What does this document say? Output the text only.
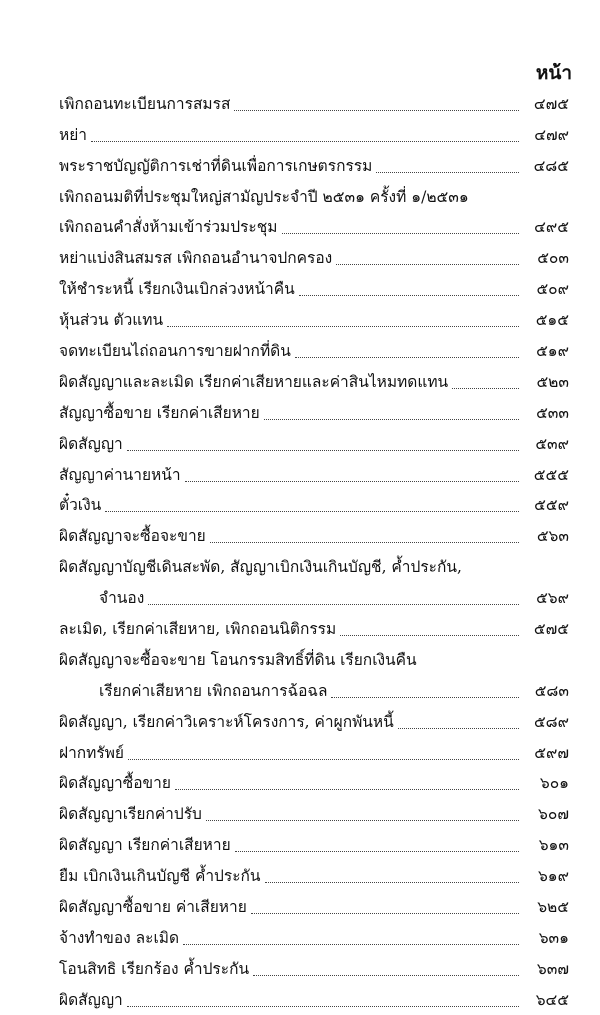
หน้า
เพิกถอนทะเบียนการสมรส	๔๗๕
หย่า	๔๗๙
พระราชบัญญัติการเช่าที่ดินเพื่อการเกษตรกรรม	๔๘๕
เพิกถอนมติที่ประชุมใหญ่สามัญประจำปี ๒๕๓๑ ครั้งที่ ๑/๒๕๓๑
เพิกถอนคำสั่งห้ามเข้าร่วมประชุม	๔๙๕
หย่าแบ่งสินสมรส เพิกถอนอำนาจปกครอง	๕๐๓
ให้ชำระหนี้ เรียกเงินเบิกล่วงหน้าคืน	๕๐๙
หุ้นส่วน ตัวแทน	๕๑๕
จดทะเบียนไถ่ถอนการขายฝากที่ดิน	๕๑๙
ผิดสัญญาและละเมิด เรียกค่าเสียหายและค่าสินไหมทดแทน	๕๒๓
สัญญาซื้อขาย เรียกค่าเสียหาย	๕๓๓
ผิดสัญญา	๕๓๙
สัญญาค่านายหน้า	๕๕๕
ตั๋วเงิน	๕๕๙
ผิดสัญญาจะซื้อจะขาย	๕๖๓
ผิดสัญญาบัญชีเดินสะพัด, สัญญาเบิกเงินเกินบัญชี, ค้ำประกัน,
จำนอง	๕๖๙
ละเมิด, เรียกค่าเสียหาย, เพิกถอนนิติกรรม	๕๗๕
ผิดสัญญาจะซื้อจะขาย โอนกรรมสิทธิ์ที่ดิน เรียกเงินคืน
เรียกค่าเสียหาย เพิกถอนการฉ้อฉล	๕๘๓
ผิดสัญญา, เรียกค่าวิเคราะห์โครงการ, ค่าผูกพันหนี้	๕๘๙
ฝากทรัพย์	๕๙๗
ผิดสัญญาซื้อขาย	๖๐๑
ผิดสัญญาเรียกค่าปรับ	๖๐๗
ผิดสัญญา เรียกค่าเสียหาย	๖๑๓
ยืม เบิกเงินเกินบัญชี ค้ำประกัน	๖๑๙
ผิดสัญญาซื้อขาย ค่าเสียหาย	๖๒๕
จ้างทำของ ละเมิด	๖๓๑
โอนสิทธิ เรียกร้อง ค้ำประกัน	๖๓๗
ผิดสัญญา	๖๔๕
